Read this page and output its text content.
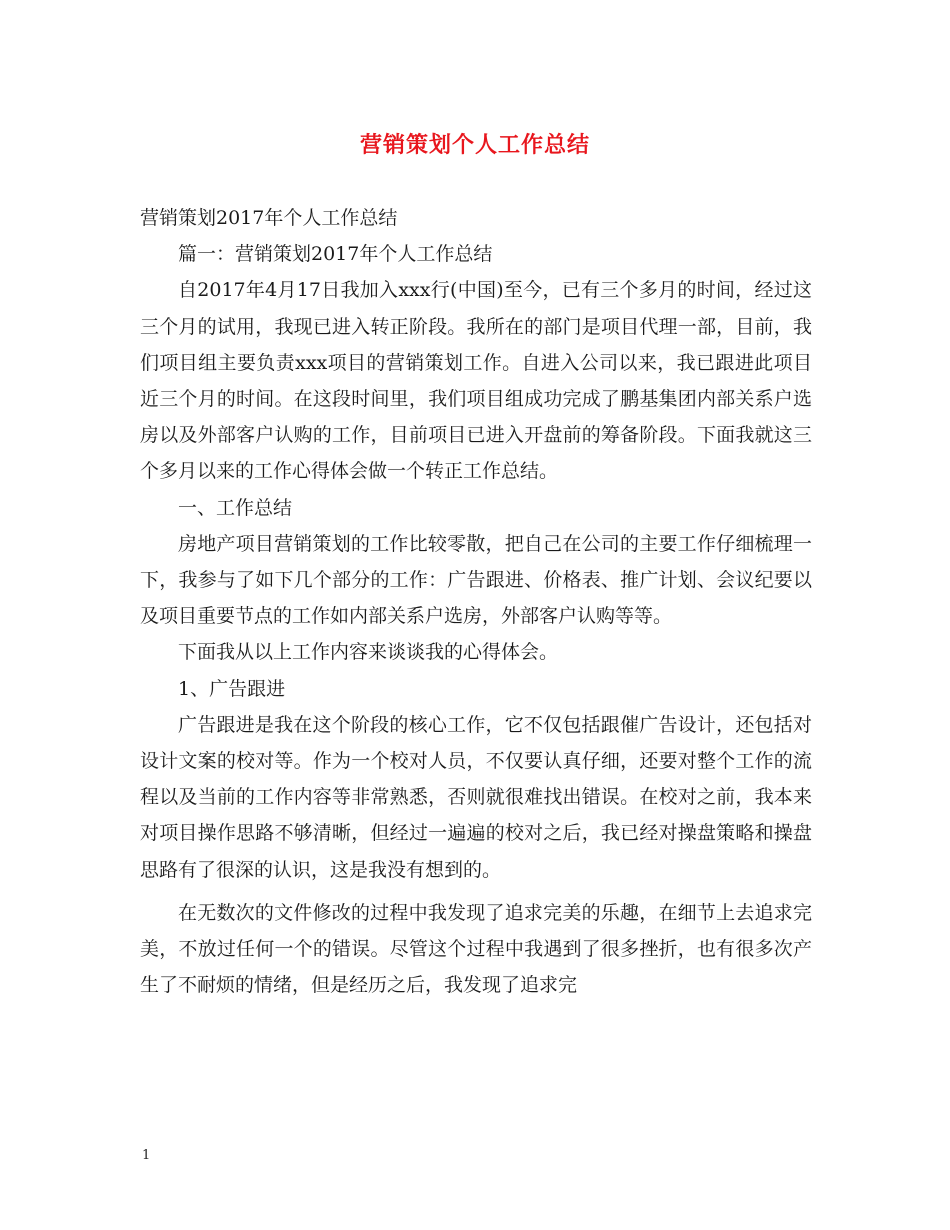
营销策划个人工作总结

营销策划2017年个人工作总结

篇一：营销策划2017年个人工作总结

自2017年4月17日我加入xxx行(中国)至今，已有三个多月的时间，经过这三个月的试用，我现已进入转正阶段。我所在的部门是项目代理一部，目前，我们项目组主要负责xxx项目的营销策划工作。自进入公司以来，我已跟进此项目近三个月的时间。在这段时间里，我们项目组成功完成了鹏基集团内部关系户选房以及外部客户认购的工作，目前项目已进入开盘前的筹备阶段。下面我就这三个多月以来的工作心得体会做一个转正工作总结。

一、工作总结

房地产项目营销策划的工作比较零散，把自己在公司的主要工作仔细梳理一下，我参与了如下几个部分的工作：广告跟进、价格表、推广计划、会议纪要以及项目重要节点的工作如内部关系户选房，外部客户认购等等。

下面我从以上工作内容来谈谈我的心得体会。

1、广告跟进

广告跟进是我在这个阶段的核心工作，它不仅包括跟催广告设计，还包括对设计文案的校对等。作为一个校对人员，不仅要认真仔细，还要对整个工作的流程以及当前的工作内容等非常熟悉，否则就很难找出错误。在校对之前，我本来对项目操作思路不够清晰，但经过一遍遍的校对之后，我已经对操盘策略和操盘思路有了很深的认识，这是我没有想到的。

在无数次的文件修改的过程中我发现了追求完美的乐趣，在细节上去追求完美，不放过任何一个的错误。尽管这个过程中我遇到了很多挫折，也有很多次产生了不耐烦的情绪，但是经历之后，我发现了追求完

1
